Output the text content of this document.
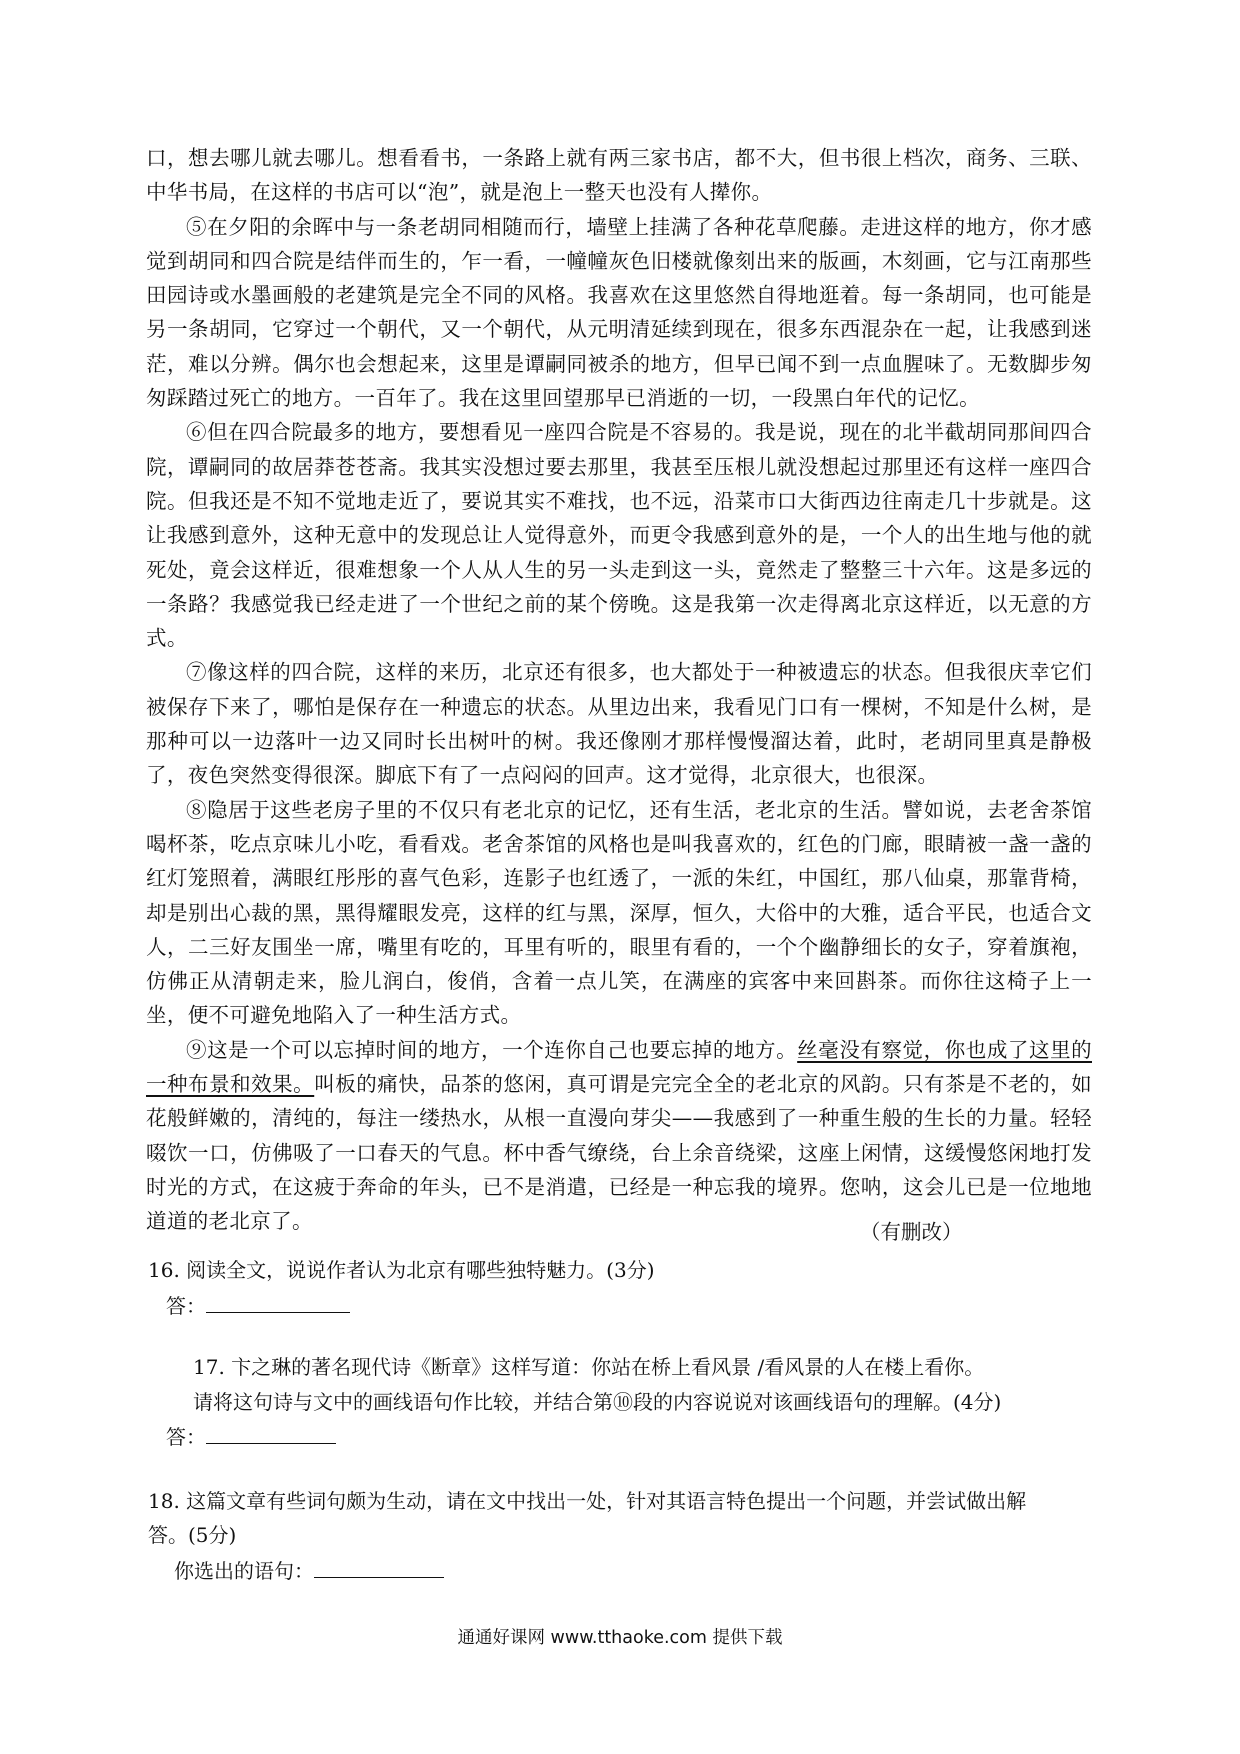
口，想去哪儿就去哪儿。想看看书，一条路上就有两三家书店，都不大，但书很上档次，商务、三联、中华书局，在这样的书店可以“泡”，就是泡上一整天也没有人撵你。

⑤在夕阳的余晖中与一条老胡同相随而行，墙壁上挂满了各种花草爬藤。走进这样的地方，你才感觉到胡同和四合院是结伴而生的，乍一看，一幢幢灰色旧楼就像刻出来的版画，木刻画，它与江南那些田园诗或水墨画般的老建筑是完全不同的风格。我喜欢在这里悠然自得地逛着。每一条胡同，也可能是另一条胡同，它穿过一个朝代，又一个朝代，从元明清延续到现在，很多东西混杂在一起，让我感到迷茫，难以分辨。偶尔也会想起来，这里是谭嗣同被杀的地方，但早已闻不到一点血腥味了。无数脚步匆匆踩踏过死亡的地方。一百年了。我在这里回望那早已消逝的一切，一段黑白年代的记忆。

⑥但在四合院最多的地方，要想看见一座四合院是不容易的。我是说，现在的北半截胡同那间四合院，谭嗣同的故居莽苍苍斋。我其实没想过要去那里，我甚至压根儿就没想起过那里还有这样一座四合院。但我还是不知不觉地走近了，要说其实不难找，也不远，沿菜市口大街西边往南走几十步就是。这让我感到意外，这种无意中的发现总让人觉得意外，而更令我感到意外的是，一个人的出生地与他的就死处，竟会这样近，很难想象一个人从人生的另一头走到这一头，竟然走了整整三十六年。这是多远的一条路？我感觉我已经走进了一个世纪之前的某个傍晚。这是我第一次走得离北京这样近，以无意的方式。

⑦像这样的四合院，这样的来历，北京还有很多，也大都处于一种被遗忘的状态。但我很庆幸它们被保存下来了，哪怕是保存在一种遗忘的状态。从里边出来，我看见门口有一棵树，不知是什么树，是那种可以一边落叶一边又同时长出树叶的树。我还像刚才那样慢慢溜达着，此时，老胡同里真是静极了，夜色突然变得很深。脚底下有了一点闷闷的回声。这才觉得，北京很大，也很深。

⑧隐居于这些老房子里的不仅只有老北京的记忆，还有生活，老北京的生活。譬如说，去老舍茶馆喝杯茶，吃点京味儿小吃，看看戏。老舍茶馆的风格也是叫我喜欢的，红色的门廊，眼睛被一盏一盏的红灯笼照着，满眼红彤彤的喜气色彩，连影子也红透了，一派的朱红，中国红，那八仙桌，那靠背椅，却是别出心裁的黑，黑得耀眼发亮，这样的红与黑，深厚，恒久，大俗中的大雅，适合平民，也适合文人，二三好友围坐一席，嘴里有吃的，耳里有听的，眼里有看的，一个个幽静细长的女子，穿着旗袍，仿佛正从清朝走来，脸儿润白，俊俏，含着一点儿笑，在满座的宾客中来回斟茶。而你往这椅子上一坐，便不可避免地陷入了一种生活方式。

⑨这是一个可以忘掉时间的地方，一个连你自己也要忘掉的地方。丝毫没有察觉，你也成了这里的一种布景和效果。叫板的痛快，品茶的悠闲，真可谓是完完全全的老北京的风韵。只有茶是不老的，如花般鲜嫩的，清纯的，每注一缕热水，从根一直漫向芽尖——我感到了一种重生般的生长的力量。轻轻啜饮一口，仿佛吸了一口春天的气息。杯中香气缭绕，台上余音绕梁，这座上闲情，这缓慢悠闲地打发时光的方式，在这疲于奔命的年头，已不是消遣，已经是一种忘我的境界。您呐，这会儿已是一位地地道道的老北京了。	（有删改）

16. 阅读全文，说说作者认为北京有哪些独特魅力。(3分)

答：

17. 卞之琳的著名现代诗《断章》这样写道：你站在桥上看风景 /看风景的人在楼上看你。

请将这句诗与文中的画线语句作比较，并结合第⑩段的内容说说对该画线语句的理解。(4分)

答：

18. 这篇文章有些词句颇为生动，请在文中找出一处，针对其语言特色提出一个问题，并尝试做出解

答。(5分)

你选出的语句：

通通好课网 www.tthaoke.com 提供下载
